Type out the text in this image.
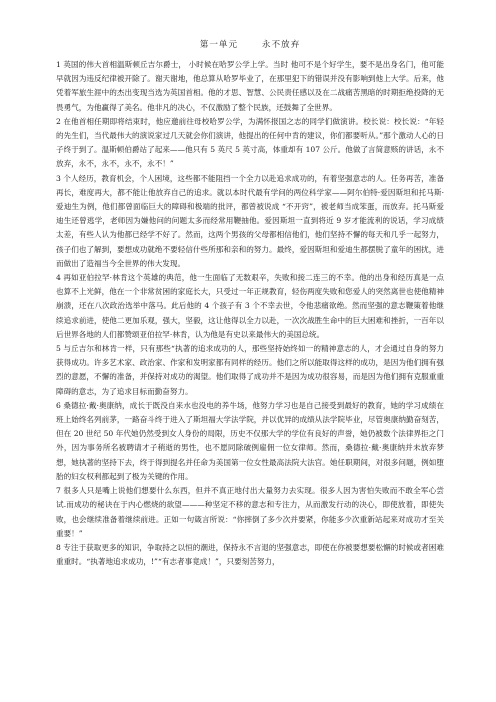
第一单元	永不放弃

1 英国的伟大首相温斯顿丘吉尔爵士， 小时候在哈罗公学上学。当时 他可不是个好学生，要不是出身名门，他可能早就因为违反纪律被开除了。谢天谢地，他总算从哈罗毕业了，在那里犯下的错误并没有影响到他上大学。后来，他凭着军旅生涯中的杰出变现当选为英国首相。他的才思、智慧、公民责任感以及在二战痛苦黑暗的时期拒绝投降的无畏勇气，为他赢得了美名。他非凡的决心，不仅激励了整个民族，还鼓舞了全世界。

2 在他首相任期即将结束时，他应邀前往母校哈罗公学，为满怀报国之志的同学们做演讲。校长说：校长说：“年轻的先生们，当代最伟大的演说家过几天就会你们演讲，他提出的任何中肯的建议，你们都要听从。”那个激动人心的日子终于到了。温斯顿伯爵站了起来——他只有 5 英尺 5 英寸高，体重却有 107 公斤。他做了言简意赅的讲话，永不放弃，永不，永不，永不，永不！”

3 个人经历，教育机会，个人困境，这些都不能阻挡一个全力以赴追求成功的，有着坚强意志的人。任务再苦，准备再长，难度再大，都不能让他放弃自己的追求。就以本时代最有学问的两位科学家——阿尔伯特·爱因斯坦和托马斯·爱迪生为例，他们都曾面临巨大的障碍和极端的批评，都曾被说成 “不开窍”，被老师当成笨蛋，而放弃。托马斯爱迪生还曾逃学，老师因为嫌他问的问题太多而经常用鞭抽他。爱因斯坦一直到将近 9 岁才能流利的说话，学习成绩太差，有些人认为他都已经学不好了。然而，这两个男孩的父母都相信他们，他们坚持不懈的每天和几乎一起努力，孩子们也了解到，要想成功就绝不要轻信什些所那和亲和的努力。最终，爱因斯坦和爱迪生都摆脱了童年的困扰，进而做出了造福当今全世界的伟大发现。

4 再如亚伯拉罕·林肯这个英雄的典范，他一生面临了无数艰辛，失败和接二连三的不幸。他的出身和经历真是一点也算不上光鲜，他在一个非常贫困的家庭长大，只受过一年正规教育，轻伤两度失败和您爱人的突然离世也使他精神崩溃，还在八次政治选举中落马。此后他的 4 个孩子有 3 个不幸去世，令他悲痛欲绝。然而坚强的意志鞭策着他继续追求前进，使他二更加乐观，强大，坚毅，这让他得以全力以赴，一次次战胜生命中的巨大困难和挫折，一百年以后世界各地的人们都赞颂亚伯拉罕·林肯，认为他是有史以来最伟大的美国总统。

5 与丘吉尔和林肯一样，只有那些“执著的追求成功的人，那些坚持始终如一的精神意志的人，才会通过自身的努力获得成功。许多艺术家、政治家、作家和发明家都有同样的经历。他们之所以能取得这样的成功，是因为他们拥有强烈的意愿，不懈的准备，并保持对成功的渴望。他们取得了成功并不是因为成功很容易，而是因为他们拥有克服重重障碍的意志，为了追求目标而勤奋努力。

6 桑德拉·戴·奥康纳，成长于既没自来水也没电的养牛场，他努力学习也是自己接受到最好的教育，她的学习成绩在班上始终名列前茅，一路奋斗终于进入了斯坦福大学法学院，并以优异的成绩从法学院毕业，尽管奥康纳勤奋刻苦，但在 20 世纪 50 年代她仍然受到女人身份的局限，历史不仅那大学的学位有良好的声誉，她仍被数个法律界拒之门外，因为事务所名被聘请才子稍逝的男性，也不愿同除破例雇佣一位女律师。然而，桑德拉·戴·奥康纳并未放弃梦想，她执著的坚持下去，终于得到提名并任命为美国第一位女性最高法院大法官。她任职期间，对很多问题，例如堕胎的妇女权利都起到了极为关键的作用。

7 很多人只是嘴上说他们想要什么东西，但并不真正地付出大量努力去实现。很多人因为害怕失败而不敢全军心尝试.而成功的秘诀在于内心燃烧的欲望———种坚定不移的意志和专注力，从而激发行动的决心，即使放着，即使失败，也会继续准备着继续前进。正如一句箴言所说：“你摔倒了多少次并要紧，你能多少次重新站起来对成功才至关重要！”

8 专注于获取更多的知识，争取持之以恒的潮进，保持永不言退的坚强意志，即使在你被要想要松懈的时候或者困难重重时。“执著地追求成功，!”“有志者事竟成！”，只要刻苦努力，
